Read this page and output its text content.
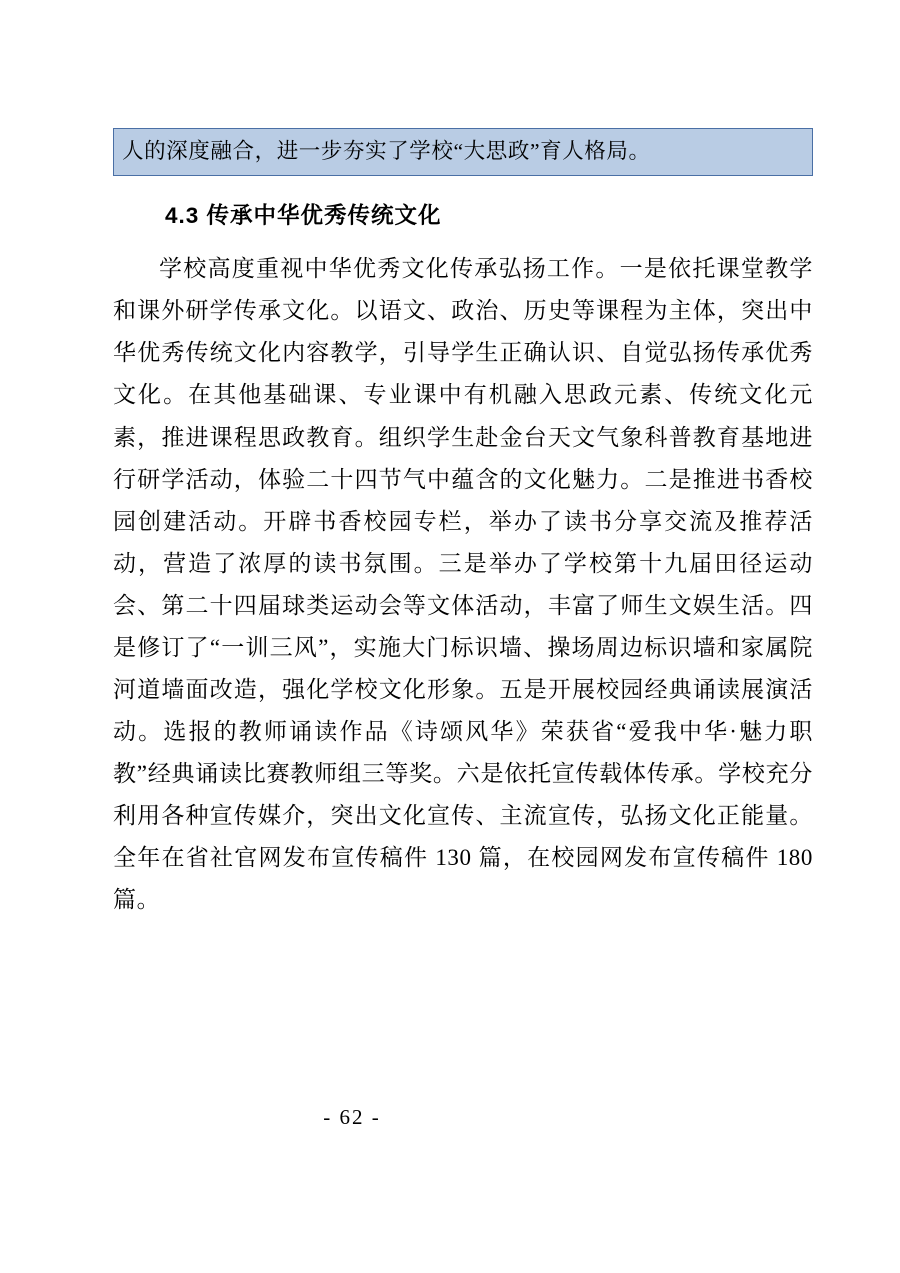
人的深度融合，进一步夯实了学校“大思政”育人格局。
4.3 传承中华优秀传统文化
学校高度重视中华优秀文化传承弘扬工作。一是依托课堂教学和课外研学传承文化。以语文、政治、历史等课程为主体，突出中华优秀传统文化内容教学，引导学生正确认识、自觉弘扬传承优秀文化。在其他基础课、专业课中有机融入思政元素、传统文化元素，推进课程思政教育。组织学生赴金台天文气象科普教育基地进行研学活动，体验二十四节气中蕴含的文化魅力。二是推进书香校园创建活动。开辟书香校园专栏，举办了读书分享交流及推荐活动，营造了浓厚的读书氛围。三是举办了学校第十九届田径运动会、第二十四届球类运动会等文体活动，丰富了师生文娱生活。四是修订了“一训三风”，实施大门标识墙、操场周边标识墙和家属院河道墙面改造，强化学校文化形象。五是开展校园经典诵读展演活动。选报的教师诵读作品《诗颂风华》荣获省“爱我中华·魅力职教”经典诵读比赛教师组三等奖。六是依托宣传载体传承。学校充分利用各种宣传媒介，突出文化宣传、主流宣传，弘扬文化正能量。全年在省社官网发布宣传稿件 130 篇，在校园网发布宣传稿件 180 篇。
- 62 -
